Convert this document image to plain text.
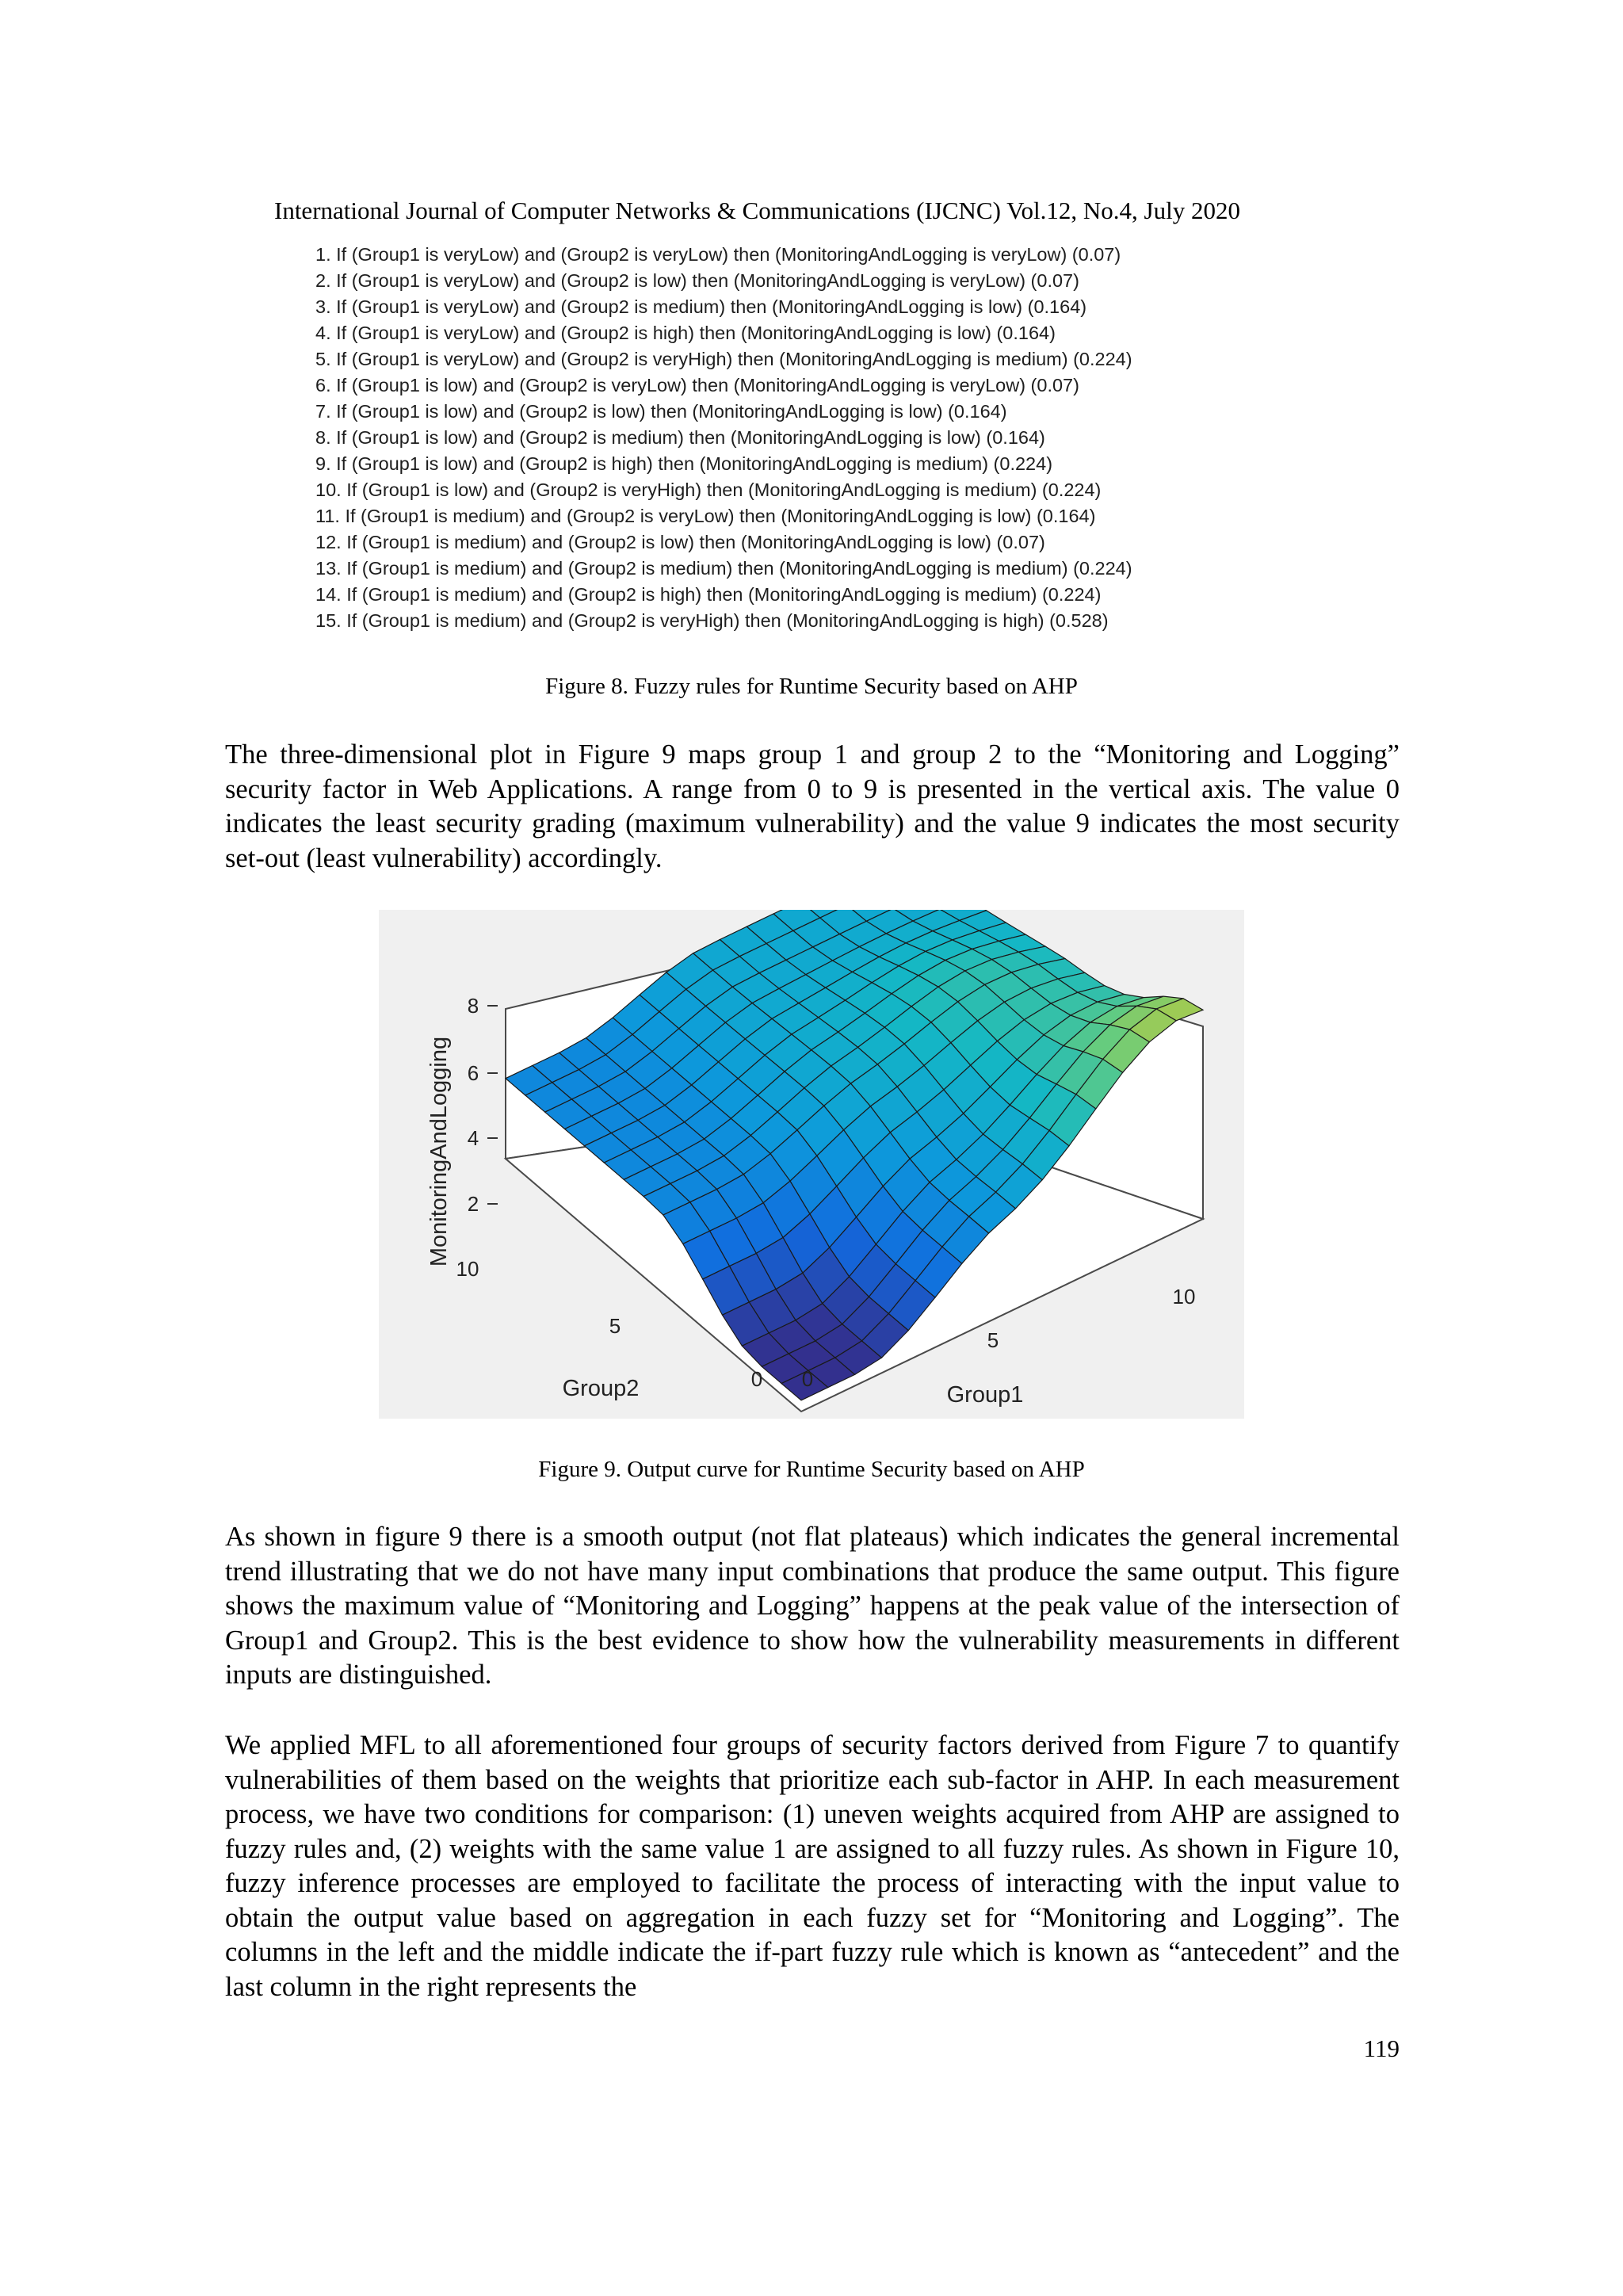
International Journal of Computer Networks & Communications (IJCNC) Vol.12, No.4, July 2020
1. If (Group1 is veryLow) and (Group2 is veryLow) then (MonitoringAndLogging is veryLow) (0.07)
2. If (Group1 is veryLow) and (Group2 is low) then (MonitoringAndLogging is veryLow) (0.07)
3. If (Group1 is veryLow) and (Group2 is medium) then (MonitoringAndLogging is low) (0.164)
4. If (Group1 is veryLow) and (Group2 is high) then (MonitoringAndLogging is low) (0.164)
5. If (Group1 is veryLow) and (Group2 is veryHigh) then (MonitoringAndLogging is medium) (0.224)
6. If (Group1 is low) and (Group2 is veryLow) then (MonitoringAndLogging is veryLow) (0.07)
7. If (Group1 is low) and (Group2 is low) then (MonitoringAndLogging is low) (0.164)
8. If (Group1 is low) and (Group2 is medium) then (MonitoringAndLogging is low) (0.164)
9. If (Group1 is low) and (Group2 is high) then (MonitoringAndLogging is medium) (0.224)
10. If (Group1 is low) and (Group2 is veryHigh) then (MonitoringAndLogging is medium) (0.224)
11. If (Group1 is medium) and (Group2 is veryLow) then (MonitoringAndLogging is low) (0.164)
12. If (Group1 is medium) and (Group2 is low) then (MonitoringAndLogging is low) (0.07)
13. If (Group1 is medium) and (Group2 is medium) then (MonitoringAndLogging is medium) (0.224)
14. If (Group1 is medium) and (Group2 is high) then (MonitoringAndLogging is medium) (0.224)
15. If (Group1 is medium) and (Group2 is veryHigh) then (MonitoringAndLogging is high) (0.528)
Figure 8. Fuzzy rules for Runtime Security based on AHP
The three-dimensional plot in Figure 9 maps group 1 and group 2 to the “Monitoring and Logging” security factor in Web Applications. A range from 0 to 9 is presented in the vertical axis. The value 0 indicates the least security grading (maximum vulnerability) and the value 9 indicates the most security set-out (least vulnerability) accordingly.
8
6
4
2
10
5
0 0
5
10
Group2	Group1
MonitoringAndLogging
Figure 9. Output curve for Runtime Security based on AHP
As shown in figure 9 there is a smooth output (not flat plateaus) which indicates the general incremental trend illustrating that we do not have many input combinations that produce the same output. This figure shows the maximum value of “Monitoring and Logging” happens at the peak value of the intersection of Group1 and Group2. This is the best evidence to show how the vulnerability measurements in different inputs are distinguished.
We applied MFL to all aforementioned four groups of security factors derived from Figure 7 to quantify vulnerabilities of them based on the weights that prioritize each sub-factor in AHP. In each measurement process, we have two conditions for comparison: (1) uneven weights acquired from AHP are assigned to fuzzy rules and, (2) weights with the same value 1 are assigned to all fuzzy rules. As shown in Figure 10, fuzzy inference processes are employed to facilitate the process of interacting with the input value to obtain the output value based on aggregation in each fuzzy set for “Monitoring and Logging”. The columns in the left and the middle indicate the if-part fuzzy rule which is known as “antecedent” and the last column in the right represents the
119
